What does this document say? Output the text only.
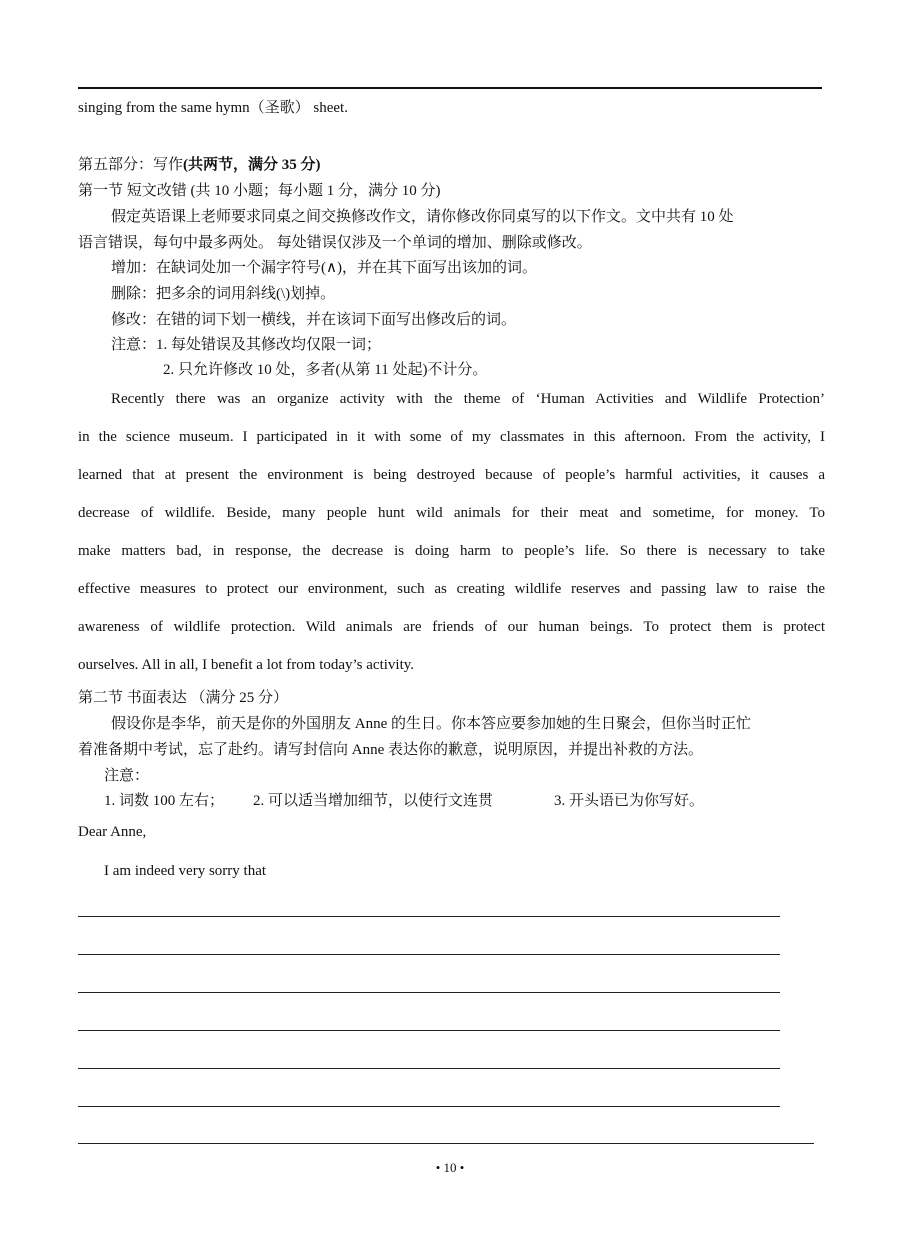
singing from the same hymn（圣歌） sheet.
第五部分：写作(共两节，满分 35 分)
第一节 短文改错 (共 10 小题；每小题 1 分，满分 10 分)
假定英语课上老师要求同桌之间交换修改作文，请你修改你同桌写的以下作文。文中共有 10 处
语言错误，每句中最多两处。 每处错误仅涉及一个单词的增加、删除或修改。
增加：在缺词处加一个漏字符号(∧)，并在其下面写出该加的词。
删除：把多余的词用斜线(\)划掉。
修改：在错的词下划一横线，并在该词下面写出修改后的词。
注意：1. 每处错误及其修改均仅限一词；
2. 只允许修改 10 处，多者(从第 11 处起)不计分。
Recently there was an organize activity with the theme of ‘Human Activities and Wildlife Protection’
in the science museum. I participated in it with some of my classmates in this afternoon. From the activity, I
learned that at present the environment is being destroyed because of people’s harmful activities, it causes a
decrease of wildlife. Beside, many people hunt wild animals for their meat and sometime, for money. To
make matters bad, in response, the decrease is doing harm to people’s life. So there is necessary to take
effective measures to protect our environment, such as creating wildlife reserves and passing law to raise the
awareness of wildlife protection. Wild animals are friends of our human beings. To protect them is protect
ourselves. All in all, I benefit a lot from today’s activity.
第二节 书面表达 （满分 25 分）
假设你是李华，前天是你的外国朋友 Anne 的生日。你本答应要参加她的生日聚会，但你当时正忙
着准备期中考试，忘了赴约。请写封信向 Anne 表达你的歉意，说明原因，并提出补救的方法。
注意：
1. 词数 100 左右； 2. 可以适当增加细节，以使行文连贯	3. 开头语已为你写好。
Dear Anne,
I am indeed very sorry that
• 10 •
